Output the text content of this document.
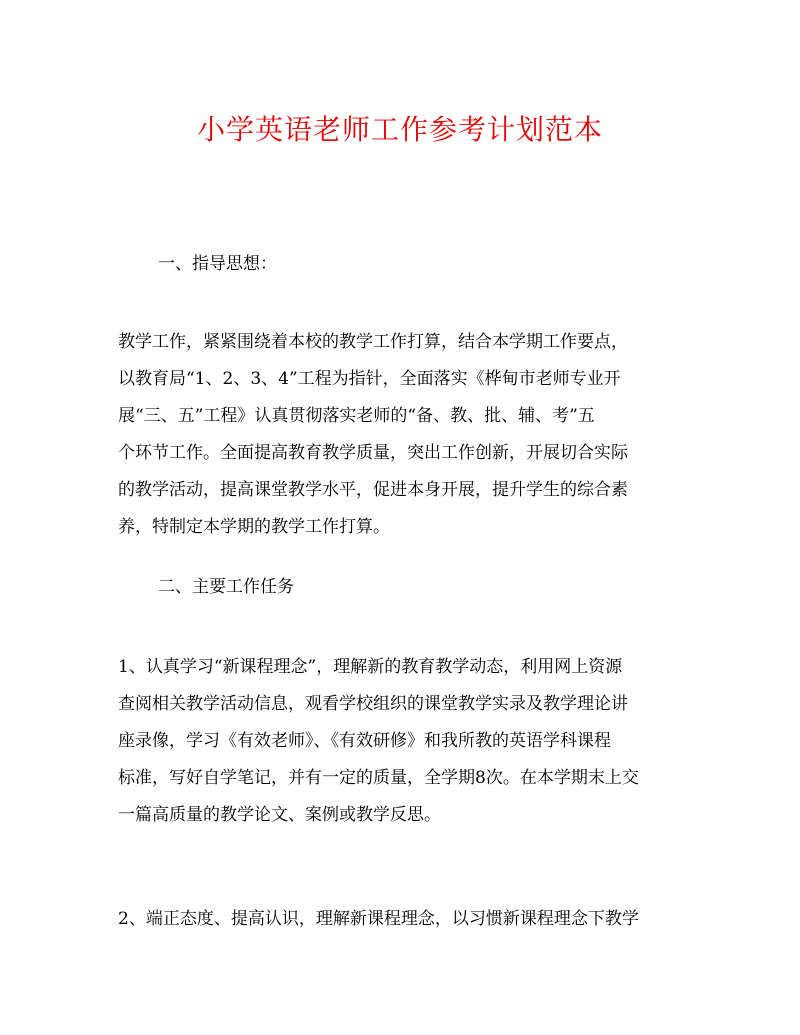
小学英语老师工作参考计划范本

一、指导思想：

教学工作，紧紧围绕着本校的教学工作打算，结合本学期工作要点，
以教育局“1、2、3、4”工程为指针，全面落实《桦甸市老师专业开
展“三、五”工程》认真贯彻落实老师的“备、教、批、辅、考”五
个环节工作。全面提高教育教学质量，突出工作创新，开展切合实际
的教学活动，提高课堂教学水平，促进本身开展，提升学生的综合素
养，特制定本学期的教学工作打算。

二、主要工作任务

1、认真学习“新课程理念”，理解新的教育教学动态，利用网上资源
查阅相关教学活动信息，观看学校组织的课堂教学实录及教学理论讲
座录像，学习《有效老师》、《有效研修》和我所教的英语学科课程
标准，写好自学笔记，并有一定的质量，全学期8次。在本学期末上交
一篇高质量的教学论文、案例或教学反思。
2、端正态度、提高认识，理解新课程理念，以习惯新课程理念下教学
